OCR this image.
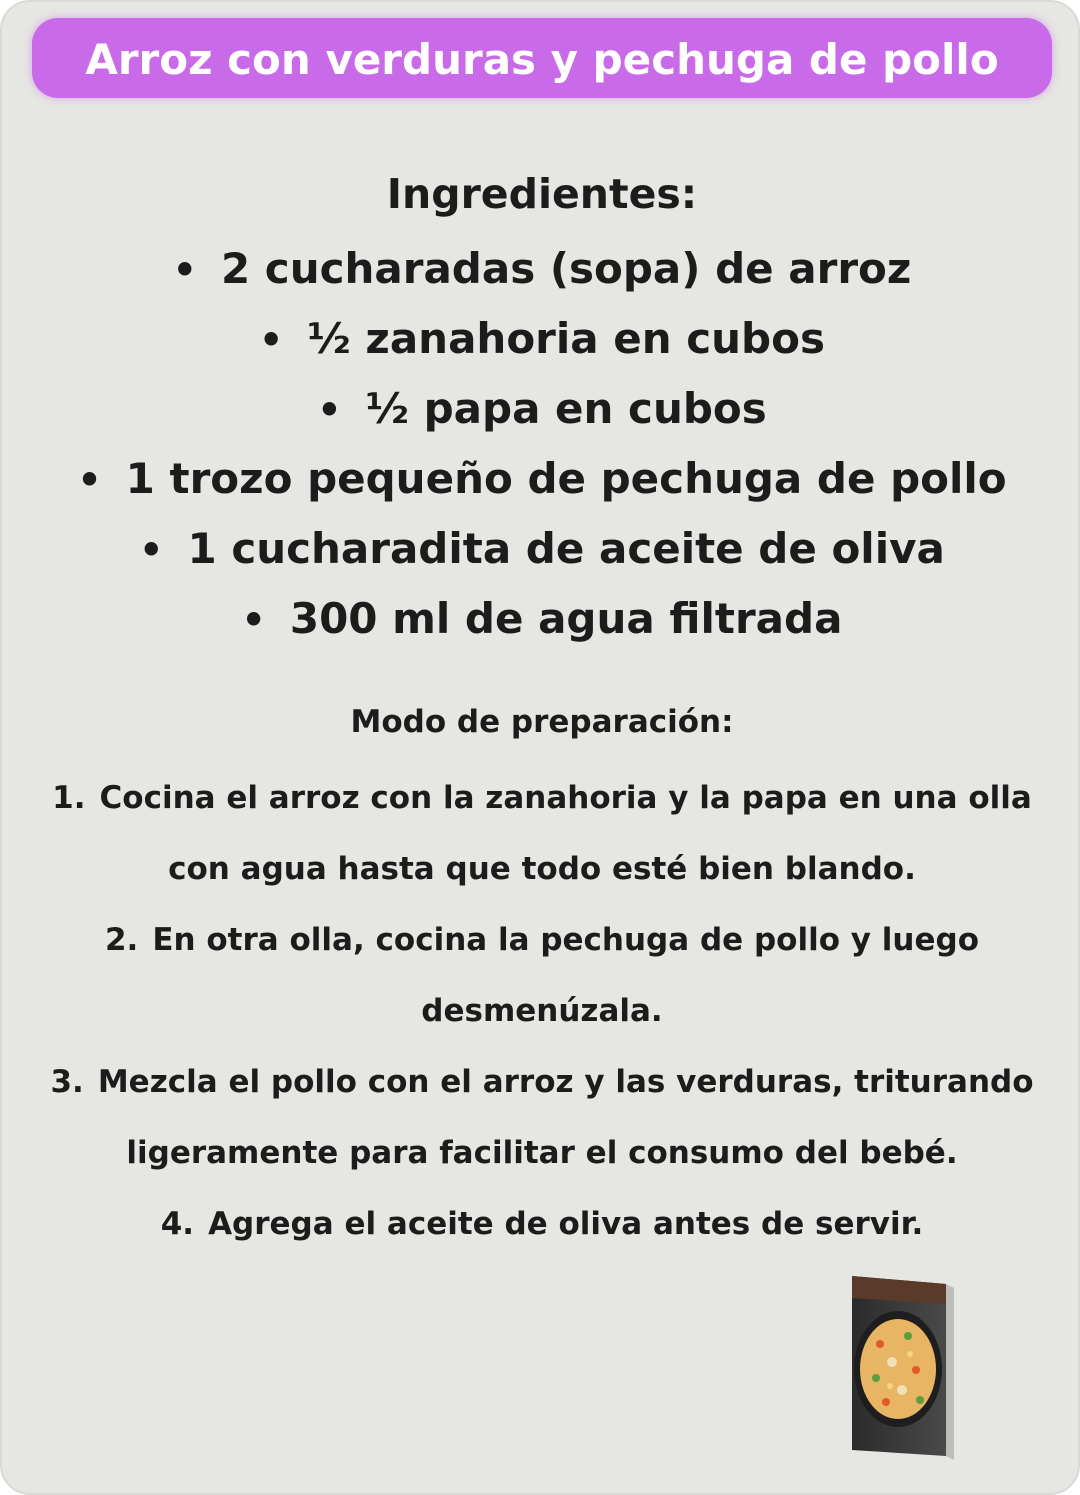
Arroz con verduras y pechuga de pollo
Ingredientes:
• 2 cucharadas (sopa) de arroz
• ½ zanahoria en cubos
• ½ papa en cubos
• 1 trozo pequeño de pechuga de pollo
• 1 cucharadita de aceite de oliva
• 300 ml de agua filtrada
Modo de preparación:
1. Cocina el arroz con la zanahoria y la papa en una olla
con agua hasta que todo esté bien blando.
2. En otra olla, cocina la pechuga de pollo y luego
desmenúzala.
3. Mezcla el pollo con el arroz y las verduras, triturando
ligeramente para facilitar el consumo del bebé.
4. Agrega el aceite de oliva antes de servir.
